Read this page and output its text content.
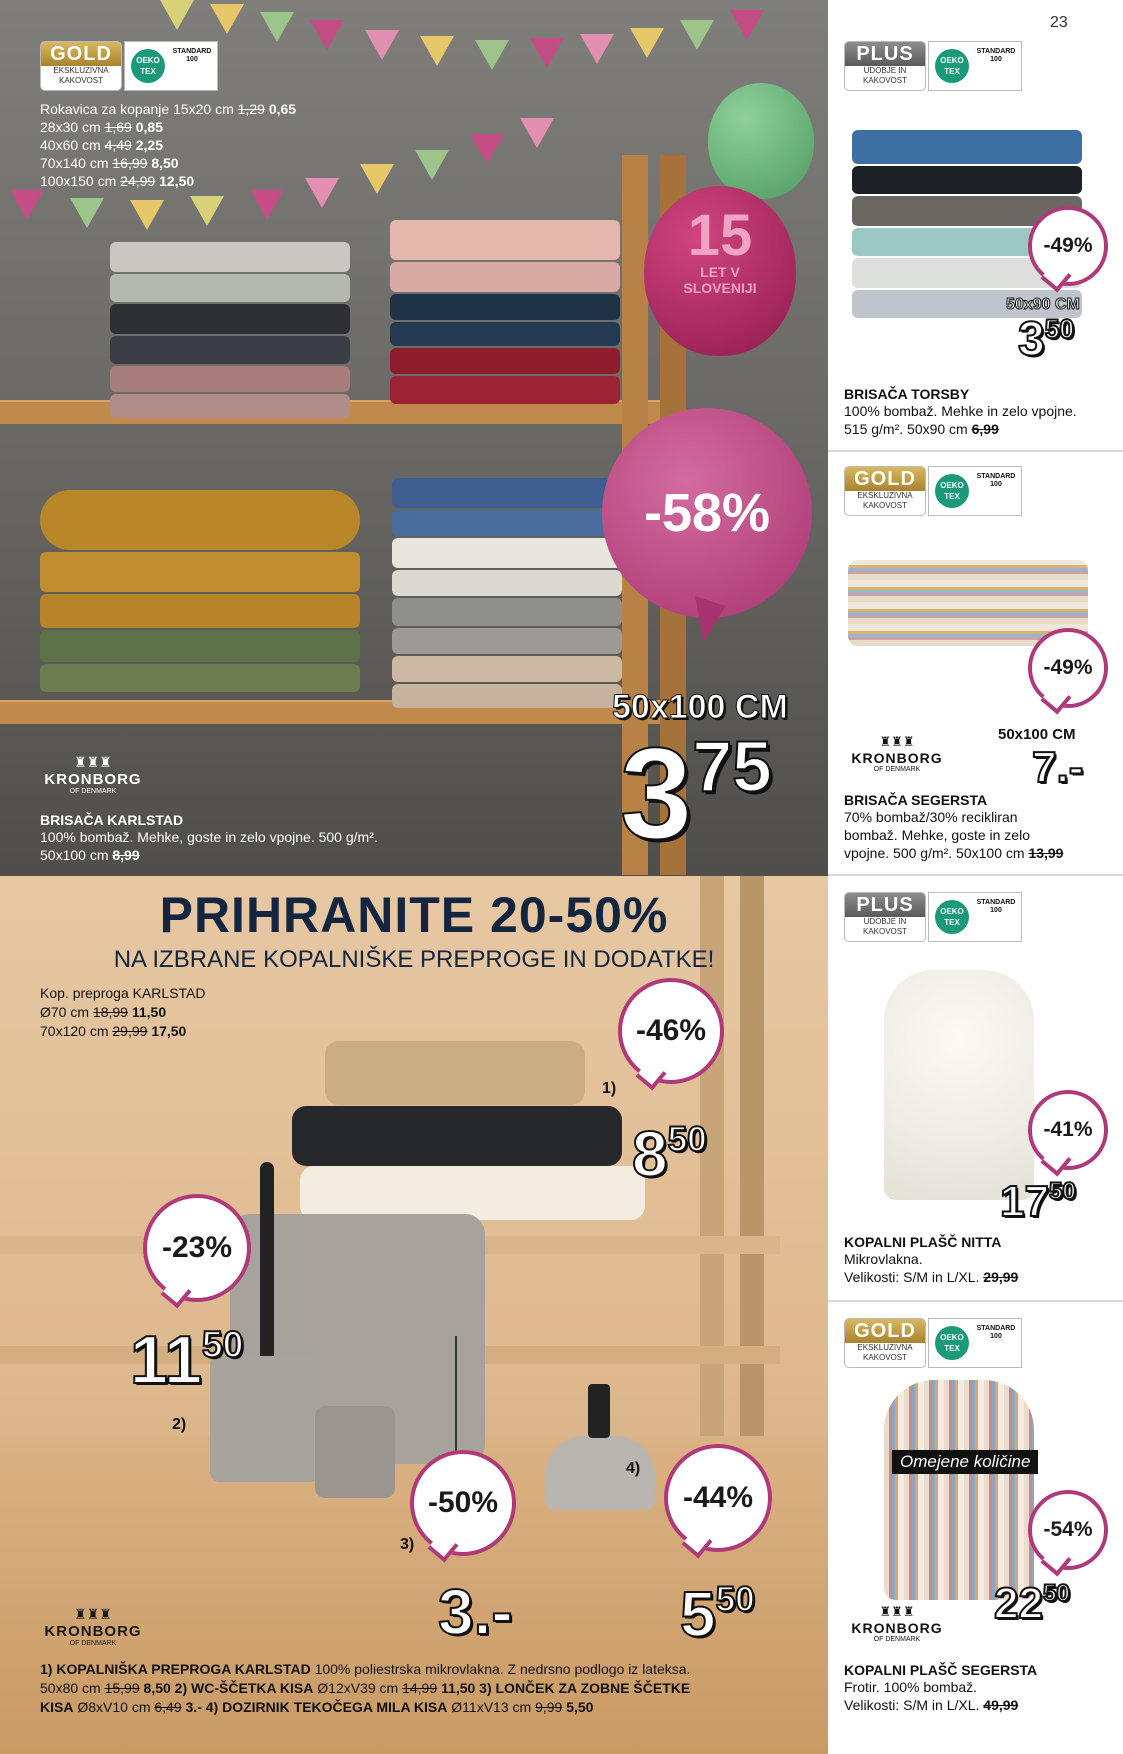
GOLD
EKSKLUZIVNA KAKOVOST
OEKO TEX
STANDARD 100
Rokavica za kopanje 15x20 cm 1,29 0,65
28x30 cm 1,69 0,85
40x60 cm 4,49 2,25
70x140 cm 16,99 8,50
100x150 cm 24,99 12,50
15
LET V
SLOVENIJI
-58%
50x100 CM
$3^{75}$
♜♜♜
KRONBORG
OF DENMARK
BRISAČA KARLSTAD
100% bombaž. Mehke, goste in zelo vpojne. 500 g/m².
50x100 cm 8,99
PRIHRANITE 20-50%
NA IZBRANE KOPALNIŠKE PREPROGE IN DODATKE!
Kop. preproga KARLSTAD
Ø70 cm 18,99 11,50
70x120 cm 29,99 17,50	-46%
1)
$8^{50}$
-23%
$11^{50}$
2)
-50%
3)
3.-
-44%
4)
$5^{50}$
♜♜♜
KRONBORG
OF DENMARK
1) KOPALNIŠKA PREPROGA KARLSTAD 100% poliestrska mikrovlakna. Z nedrsno podlogo iz lateksa. 50x80 cm 15,99 8,50 2) WC-ŠČETKA KISA Ø12xV39 cm 14,99 11,50 3) LONČEK ZA ZOBNE ŠČETKE KISA Ø8xV10 cm 6,49 3.- 4) DOZIRNIK TEKOČEGA MILA KISA Ø11xV13 cm 9,99 5,50
PLUS
UDOBJE IN KAKOVOST
OEKO TEX
STANDARD 100
-49%
50x90 CM
$3^{50}$
BRISAČA TORSBY
100% bombaž. Mehke in zelo vpojne.
515 g/m². 50x90 cm 6,99
GOLD
EKSKLUZIVNA KAKOVOST
OEKO TEX
STANDARD 100
-49%
50x100 CM
7.-
♜♜♜
KRONBORG
OF DENMARK
BRISAČA SEGERSTA
70% bombaž/30% recikliran
bombaž. Mehke, goste in zelo
vpojne. 500 g/m². 50x100 cm 13,99
PLUS
UDOBJE IN KAKOVOST
OEKO TEX
STANDARD 100
-41%
$17^{50}$
KOPALNI PLAŠČ NITTA
Mikrovlakna.
Velikosti: S/M in L/XL. 29,99
GOLD
EKSKLUZIVNA KAKOVOST
OEKO TEX
STANDARD 100
Omejene količine
-54%
$22^{50}$
♜♜♜
KRONBORG
OF DENMARK
KOPALNI PLAŠČ SEGERSTA
Frotir. 100% bombaž.
Velikosti: S/M in L/XL. 49,99
23
